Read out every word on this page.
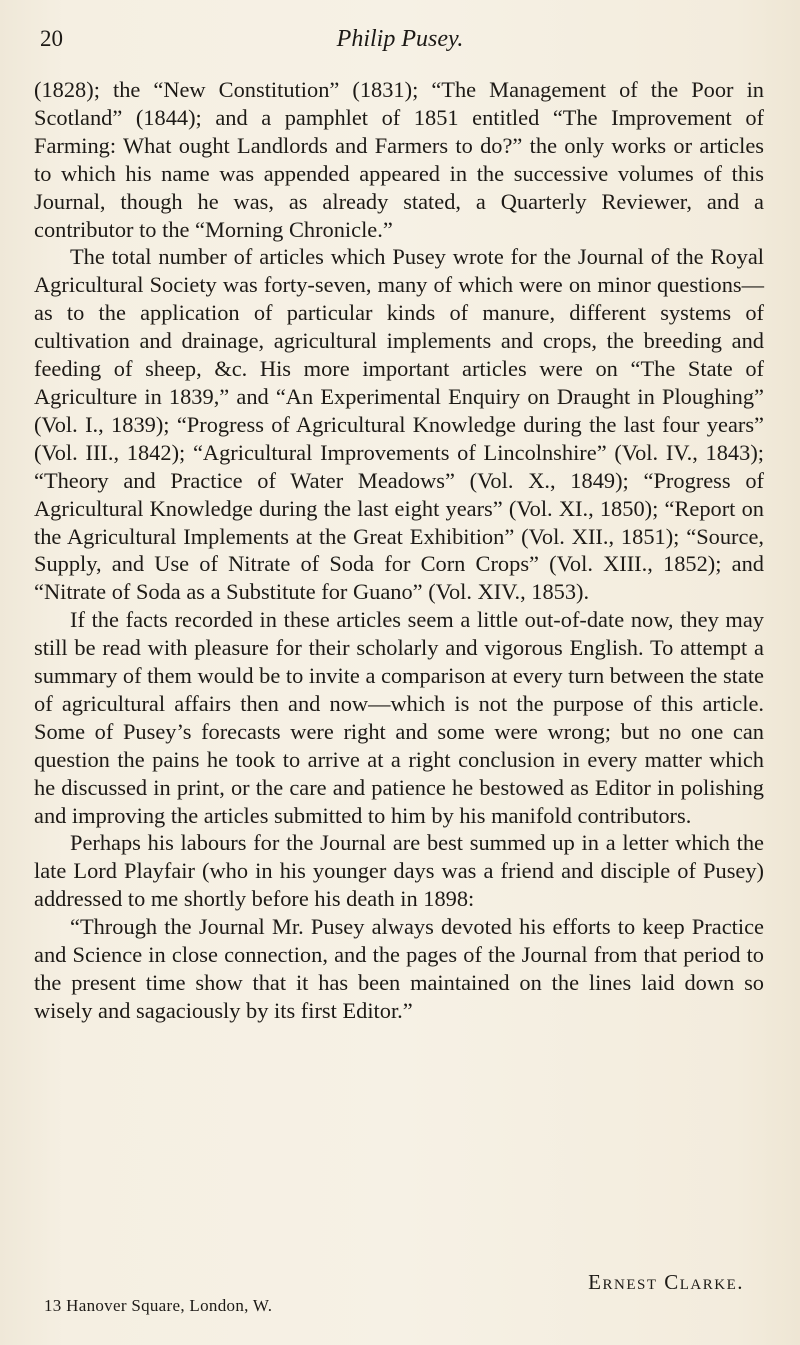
20	Philip Pusey.

(1828); the “New Constitution” (1831); “The Management of the Poor in Scotland” (1844); and a pamphlet of 1851 entitled “The Improvement of Farming: What ought Landlords and Farmers to do?” the only works or articles to which his name was appended appeared in the successive volumes of this Journal, though he was, as already stated, a Quarterly Reviewer, and a contributor to the “Morning Chronicle.”

The total number of articles which Pusey wrote for the Journal of the Royal Agricultural Society was forty-seven, many of which were on minor questions—as to the application of particular kinds of manure, different systems of cultivation and drainage, agricultural implements and crops, the breeding and feeding of sheep, &c. His more important articles were on “The State of Agriculture in 1839,” and “An Experimental Enquiry on Draught in Ploughing” (Vol. I., 1839); “Progress of Agricultural Knowledge during the last four years” (Vol. III., 1842); “Agricultural Improvements of Lincolnshire” (Vol. IV., 1843); “Theory and Practice of Water Meadows” (Vol. X., 1849); “Progress of Agricultural Knowledge during the last eight years” (Vol. XI., 1850); “Report on the Agricultural Implements at the Great Exhibition” (Vol. XII., 1851); “Source, Supply, and Use of Nitrate of Soda for Corn Crops” (Vol. XIII., 1852); and “Nitrate of Soda as a Substitute for Guano” (Vol. XIV., 1853).

If the facts recorded in these articles seem a little out-of-date now, they may still be read with pleasure for their scholarly and vigorous English. To attempt a summary of them would be to invite a comparison at every turn between the state of agricultural affairs then and now—which is not the purpose of this article. Some of Pusey’s forecasts were right and some were wrong; but no one can question the pains he took to arrive at a right conclusion in every matter which he discussed in print, or the care and patience he bestowed as Editor in polishing and improving the articles submitted to him by his manifold contributors.

Perhaps his labours for the Journal are best summed up in a letter which the late Lord Playfair (who in his younger days was a friend and disciple of Pusey) addressed to me shortly before his death in 1898:

“Through the Journal Mr. Pusey always devoted his efforts to keep Practice and Science in close connection, and the pages of the Journal from that period to the present time show that it has been maintained on the lines laid down so wisely and sagaciously by its first Editor.”

Ernest Clarke.
13 Hanover Square, London, W.
